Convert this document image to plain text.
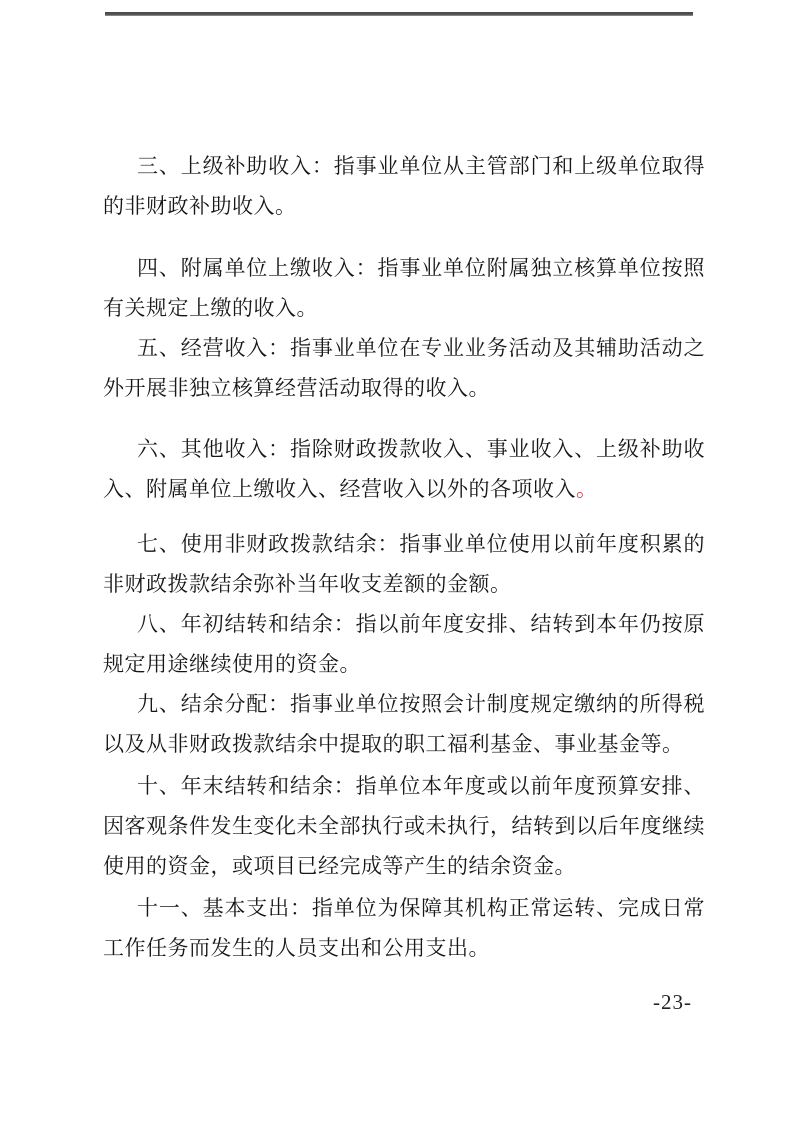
三、上级补助收入：指事业单位从主管部门和上级单位取得
的非财政补助收入。
四、附属单位上缴收入：指事业单位附属独立核算单位按照
有关规定上缴的收入。
五、经营收入：指事业单位在专业业务活动及其辅助活动之
外开展非独立核算经营活动取得的收入。
六、其他收入：指除财政拨款收入、事业收入、上级补助收
入、附属单位上缴收入、经营收入以外的各项收入。
七、使用非财政拨款结余：指事业单位使用以前年度积累的
非财政拨款结余弥补当年收支差额的金额。
八、年初结转和结余：指以前年度安排、结转到本年仍按原
规定用途继续使用的资金。
九、结余分配：指事业单位按照会计制度规定缴纳的所得税
以及从非财政拨款结余中提取的职工福利基金、事业基金等。
十、年末结转和结余：指单位本年度或以前年度预算安排、
因客观条件发生变化未全部执行或未执行，结转到以后年度继续
使用的资金，或项目已经完成等产生的结余资金。
十一、基本支出：指单位为保障其机构正常运转、完成日常
工作任务而发生的人员支出和公用支出。
-23-
